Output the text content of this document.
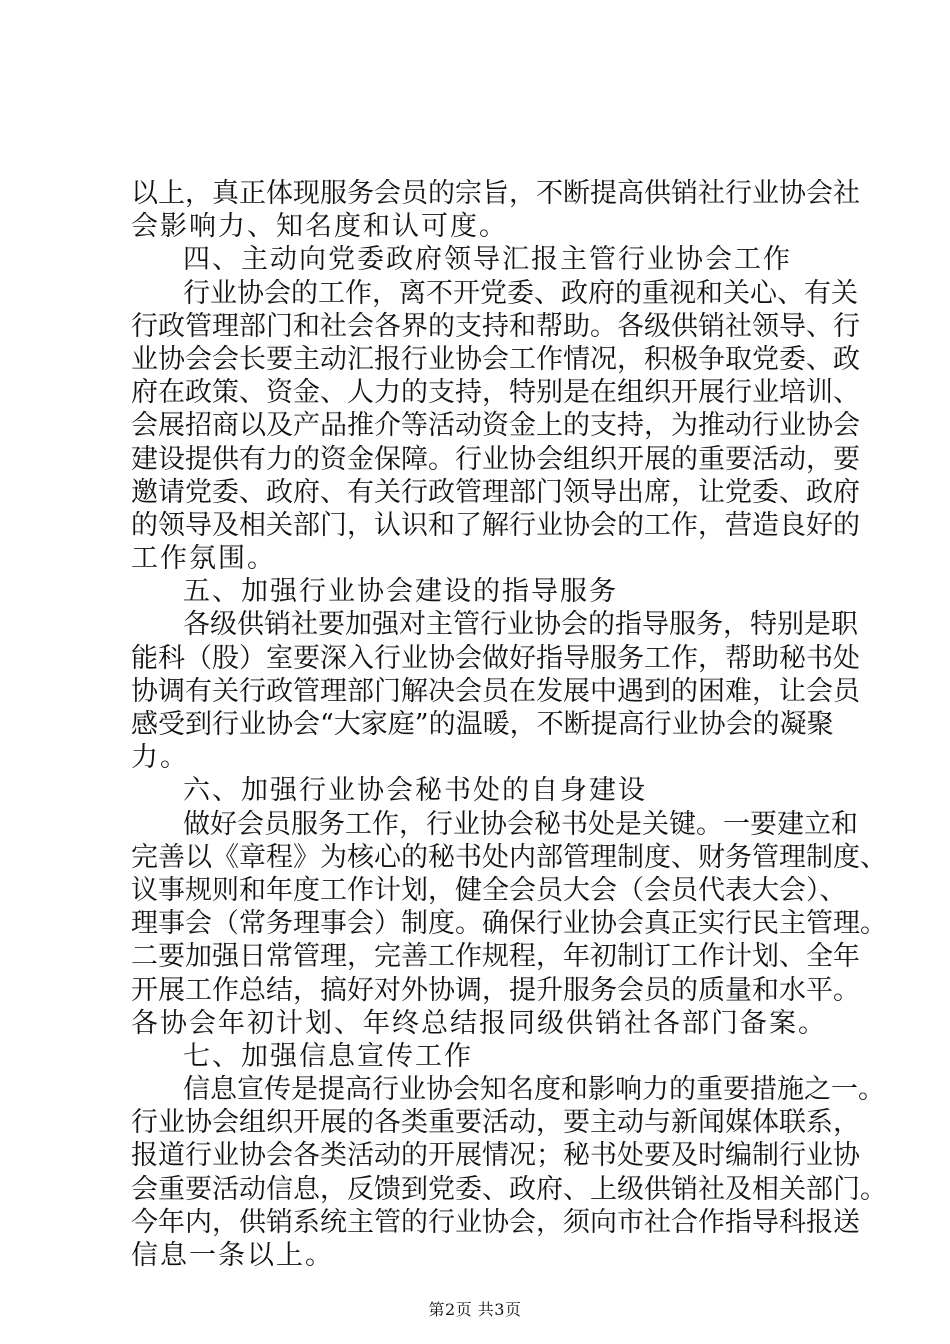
以上，真正体现服务会员的宗旨，不断提高供销社行业协会社
会影响力、知名度和认可度。
四、主动向党委政府领导汇报主管行业协会工作
行业协会的工作，离不开党委、政府的重视和关心、有关
行政管理部门和社会各界的支持和帮助。各级供销社领导、行
业协会会长要主动汇报行业协会工作情况，积极争取党委、政
府在政策、资金、人力的支持，特别是在组织开展行业培训、
会展招商以及产品推介等活动资金上的支持，为推动行业协会
建设提供有力的资金保障。行业协会组织开展的重要活动，要
邀请党委、政府、有关行政管理部门领导出席，让党委、政府
的领导及相关部门，认识和了解行业协会的工作，营造良好的
工作氛围。
五、加强行业协会建设的指导服务
各级供销社要加强对主管行业协会的指导服务，特别是职
能科（股）室要深入行业协会做好指导服务工作，帮助秘书处
协调有关行政管理部门解决会员在发展中遇到的困难，让会员
感受到行业协会“大家庭”的温暖，不断提高行业协会的凝聚
力。
六、加强行业协会秘书处的自身建设
做好会员服务工作，行业协会秘书处是关键。一要建立和
完善以《章程》为核心的秘书处内部管理制度、财务管理制度、
议事规则和年度工作计划，健全会员大会（会员代表大会）、
理事会（常务理事会）制度。确保行业协会真正实行民主管理。
二要加强日常管理，完善工作规程，年初制订工作计划、全年
开展工作总结，搞好对外协调，提升服务会员的质量和水平。
各协会年初计划、年终总结报同级供销社各部门备案。
七、加强信息宣传工作
信息宣传是提高行业协会知名度和影响力的重要措施之一。
行业协会组织开展的各类重要活动，要主动与新闻媒体联系，
报道行业协会各类活动的开展情况；秘书处要及时编制行业协
会重要活动信息，反馈到党委、政府、上级供销社及相关部门。
今年内，供销系统主管的行业协会，须向市社合作指导科报送
信息一条以上。
第2页 共3页
